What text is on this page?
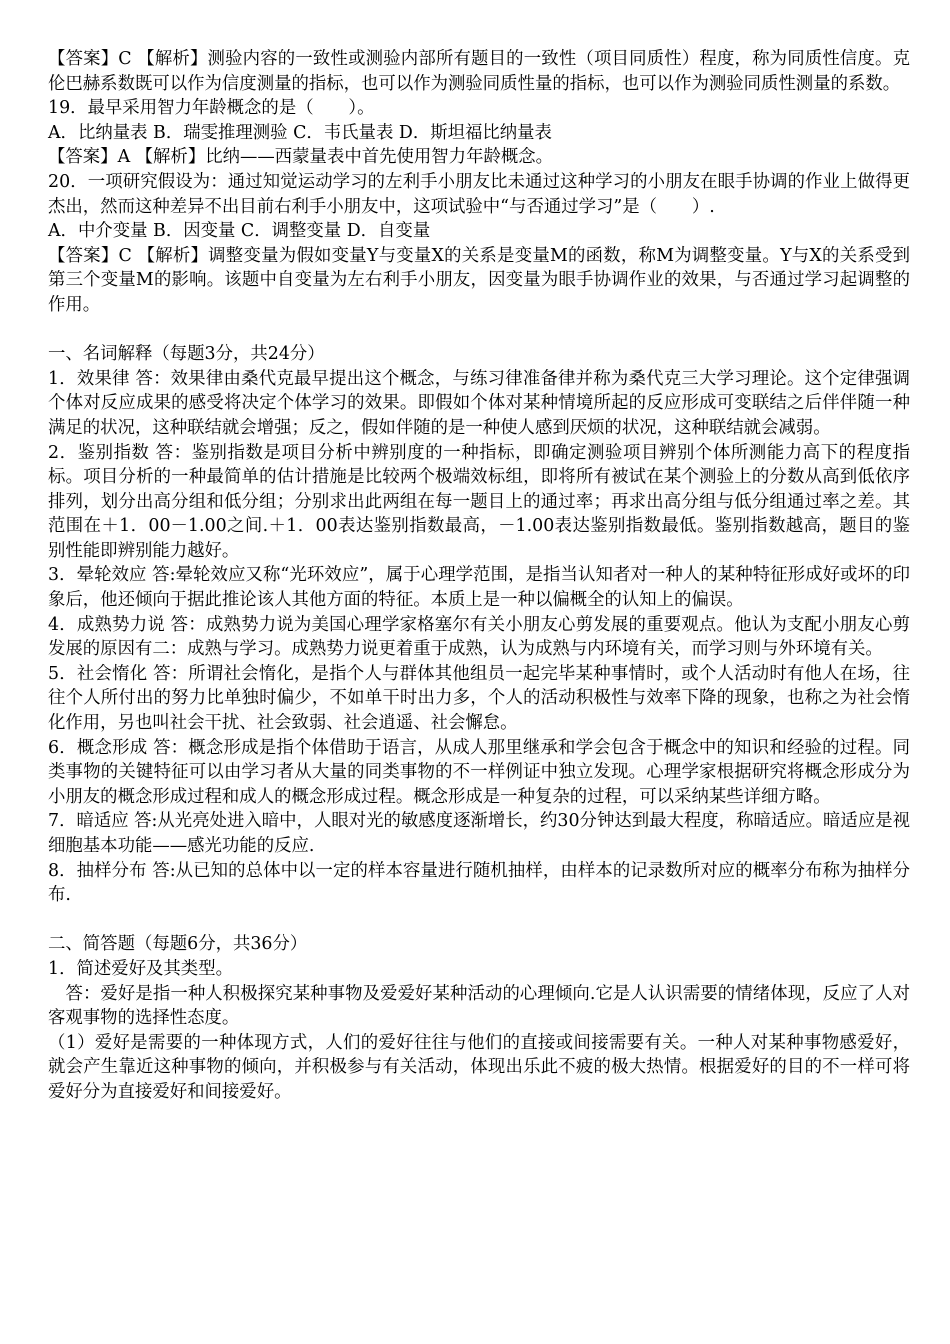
【答案】C 【解析】测验内容的一致性或测验内部所有题目的一致性（项目同质性）程度，称为同质性信度。克伦巴赫系数既可以作为信度测量的指标，也可以作为测验同质性量的指标，也可以作为测验同质性测量的系数。

19．最早采用智力年龄概念的是（　　）。

A．比纳量表 B．瑞雯推理测验 C．韦氏量表 D．斯坦福比纳量表

【答案】A 【解析】比纳——西蒙量表中首先使用智力年龄概念。

20．一项研究假设为：通过知觉运动学习的左利手小朋友比未通过这种学习的小朋友在眼手协调的作业上做得更杰出，然而这种差异不出目前右利手小朋友中，这项试验中“与否通过学习”是（　　）.

A．中介变量 B．因变量 C．调整变量 D．自变量

【答案】C 【解析】调整变量为假如变量Y与变量X的关系是变量M的函数，称M为调整变量。Y与X的关系受到第三个变量M的影响。该题中自变量为左右利手小朋友，因变量为眼手协调作业的效果，与否通过学习起调整的作用。

一、名词解释（每题3分，共24分）

1．效果律 答：效果律由桑代克最早提出这个概念，与练习律准备律并称为桑代克三大学习理论。这个定律强调个体对反应成果的感受将决定个体学习的效果。即假如个体对某种情境所起的反应形成可变联结之后伴伴随一种满足的状况，这种联结就会增强；反之，假如伴随的是一种使人感到厌烦的状况，这种联结就会减弱。

2．鉴别指数 答：鉴别指数是项目分析中辨别度的一种指标，即确定测验项目辨别个体所测能力高下的程度指标。项目分析的一种最简单的估计措施是比较两个极端效标组，即将所有被试在某个测验上的分数从高到低依序排列，划分出高分组和低分组；分别求出此两组在每一题目上的通过率；再求出高分组与低分组通过率之差。其范围在＋1．00－1.00之间.＋1．00表达鉴别指数最高，－1.00表达鉴别指数最低。鉴别指数越高，题目的鉴别性能即辨别能力越好。

3．晕轮效应 答:晕轮效应又称“光环效应”，属于心理学范围，是指当认知者对一种人的某种特征形成好或坏的印象后，他还倾向于据此推论该人其他方面的特征。本质上是一种以偏概全的认知上的偏误。

4．成熟势力说 答：成熟势力说为美国心理学家格塞尔有关小朋友心剪发展的重要观点。他认为支配小朋友心剪发展的原因有二：成熟与学习。成熟势力说更着重于成熟，认为成熟与内环境有关，而学习则与外环境有关。

5．社会惰化 答：所谓社会惰化，是指个人与群体其他组员一起完毕某种事情时，或个人活动时有他人在场，往往个人所付出的努力比单独时偏少，不如单干时出力多，个人的活动积极性与效率下降的现象，也称之为社会惰化作用，另也叫社会干扰、社会致弱、社会逍遥、社会懈怠。

6．概念形成 答：概念形成是指个体借助于语言，从成人那里继承和学会包含于概念中的知识和经验的过程。同类事物的关键特征可以由学习者从大量的同类事物的不一样例证中独立发现。心理学家根据研究将概念形成分为小朋友的概念形成过程和成人的概念形成过程。概念形成是一种复杂的过程，可以采纳某些详细方略。

7．暗适应 答:从光亮处进入暗中，人眼对光的敏感度逐渐增长，约30分钟达到最大程度，称暗适应。暗适应是视细胞基本功能——感光功能的反应.

8．抽样分布 答:从已知的总体中以一定的样本容量进行随机抽样，由样本的记录数所对应的概率分布称为抽样分布.

二、简答题（每题6分，共36分）

1．简述爱好及其类型。

　答：爱好是指一种人积极探究某种事物及爱爱好某种活动的心理倾向.它是人认识需要的情绪体现，反应了人对客观事物的选择性态度。

（1）爱好是需要的一种体现方式，人们的爱好往往与他们的直接或间接需要有关。一种人对某种事物感爱好，就会产生靠近这种事物的倾向，并积极参与有关活动，体现出乐此不疲的极大热情。根据爱好的目的不一样可将爱好分为直接爱好和间接爱好。
